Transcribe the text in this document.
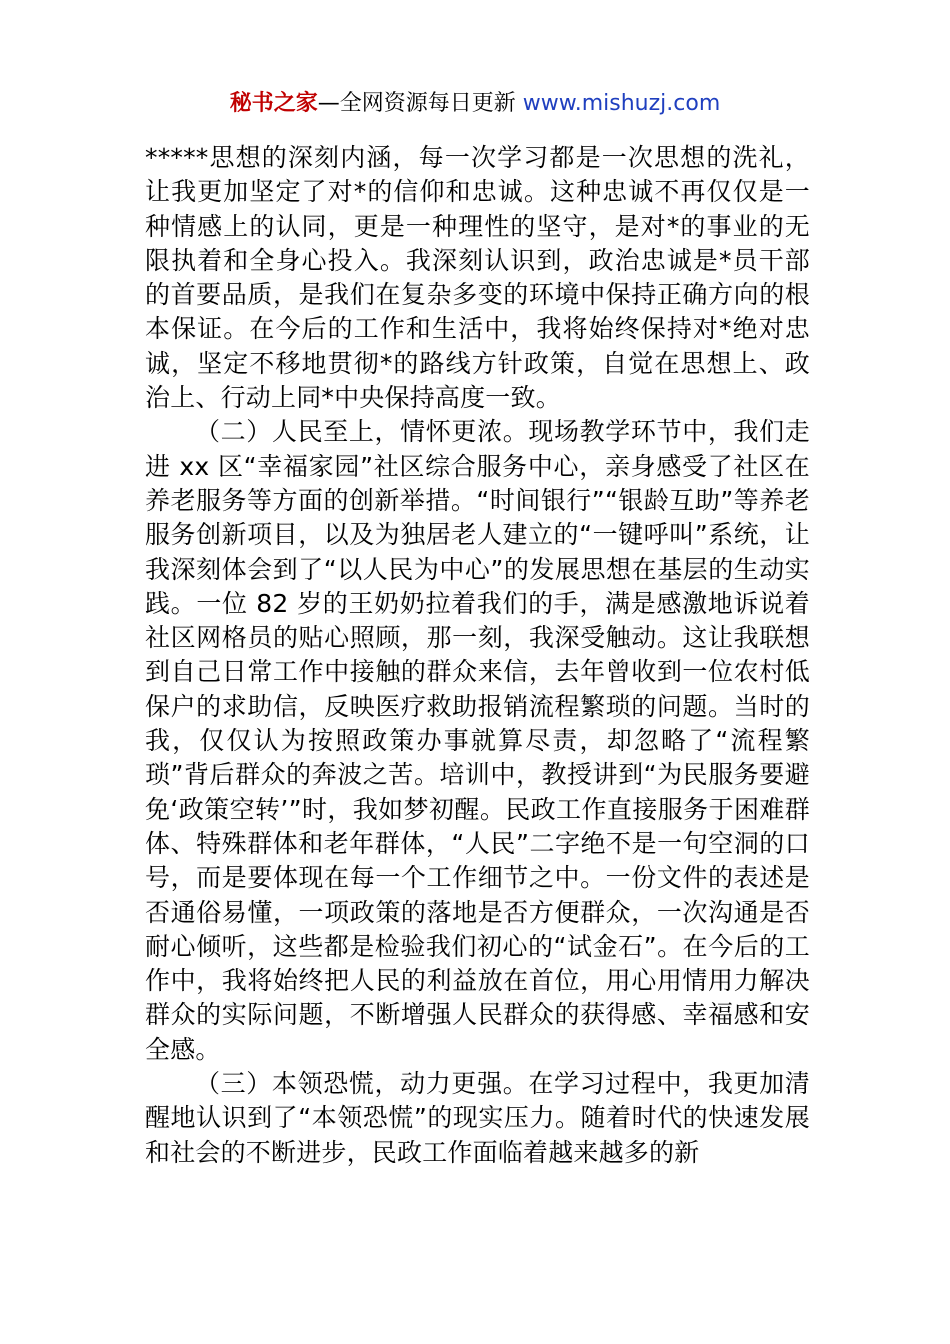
秘书之家—全网资源每日更新 www.mishuzj.com

*****思想的深刻内涵，每一次学习都是一次思想的洗礼，让我更加坚定了对*的信仰和忠诚。这种忠诚不再仅仅是一种情感上的认同，更是一种理性的坚守，是对*的事业的无限执着和全身心投入。我深刻认识到，政治忠诚是*员干部的首要品质，是我们在复杂多变的环境中保持正确方向的根本保证。在今后的工作和生活中，我将始终保持对*绝对忠诚，坚定不移地贯彻*的路线方针政策，自觉在思想上、政治上、行动上同*中央保持高度一致。

（二）人民至上，情怀更浓。现场教学环节中，我们走进 xx 区“幸福家园”社区综合服务中心，亲身感受了社区在养老服务等方面的创新举措。“时间银行”“银龄互助”等养老服务创新项目，以及为独居老人建立的“一键呼叫”系统，让我深刻体会到了“以人民为中心”的发展思想在基层的生动实践。一位 82 岁的王奶奶拉着我们的手，满是感激地诉说着社区网格员的贴心照顾，那一刻，我深受触动。这让我联想到自己日常工作中接触的群众来信，去年曾收到一位农村低保户的求助信，反映医疗救助报销流程繁琐的问题。当时的我，仅仅认为按照政策办事就算尽责，却忽略了“流程繁琐”背后群众的奔波之苦。培训中，教授讲到“为民服务要避免‘政策空转’”时，我如梦初醒。民政工作直接服务于困难群体、特殊群体和老年群体，“人民”二字绝不是一句空洞的口号，而是要体现在每一个工作细节之中。一份文件的表述是否通俗易懂，一项政策的落地是否方便群众，一次沟通是否耐心倾听，这些都是检验我们初心的“试金石”。在今后的工作中，我将始终把人民的利益放在首位，用心用情用力解决群众的实际问题，不断增强人民群众的获得感、幸福感和安全感。

（三）本领恐慌，动力更强。在学习过程中，我更加清醒地认识到了“本领恐慌”的现实压力。随着时代的快速发展和社会的不断进步，民政工作面临着越来越多的新
